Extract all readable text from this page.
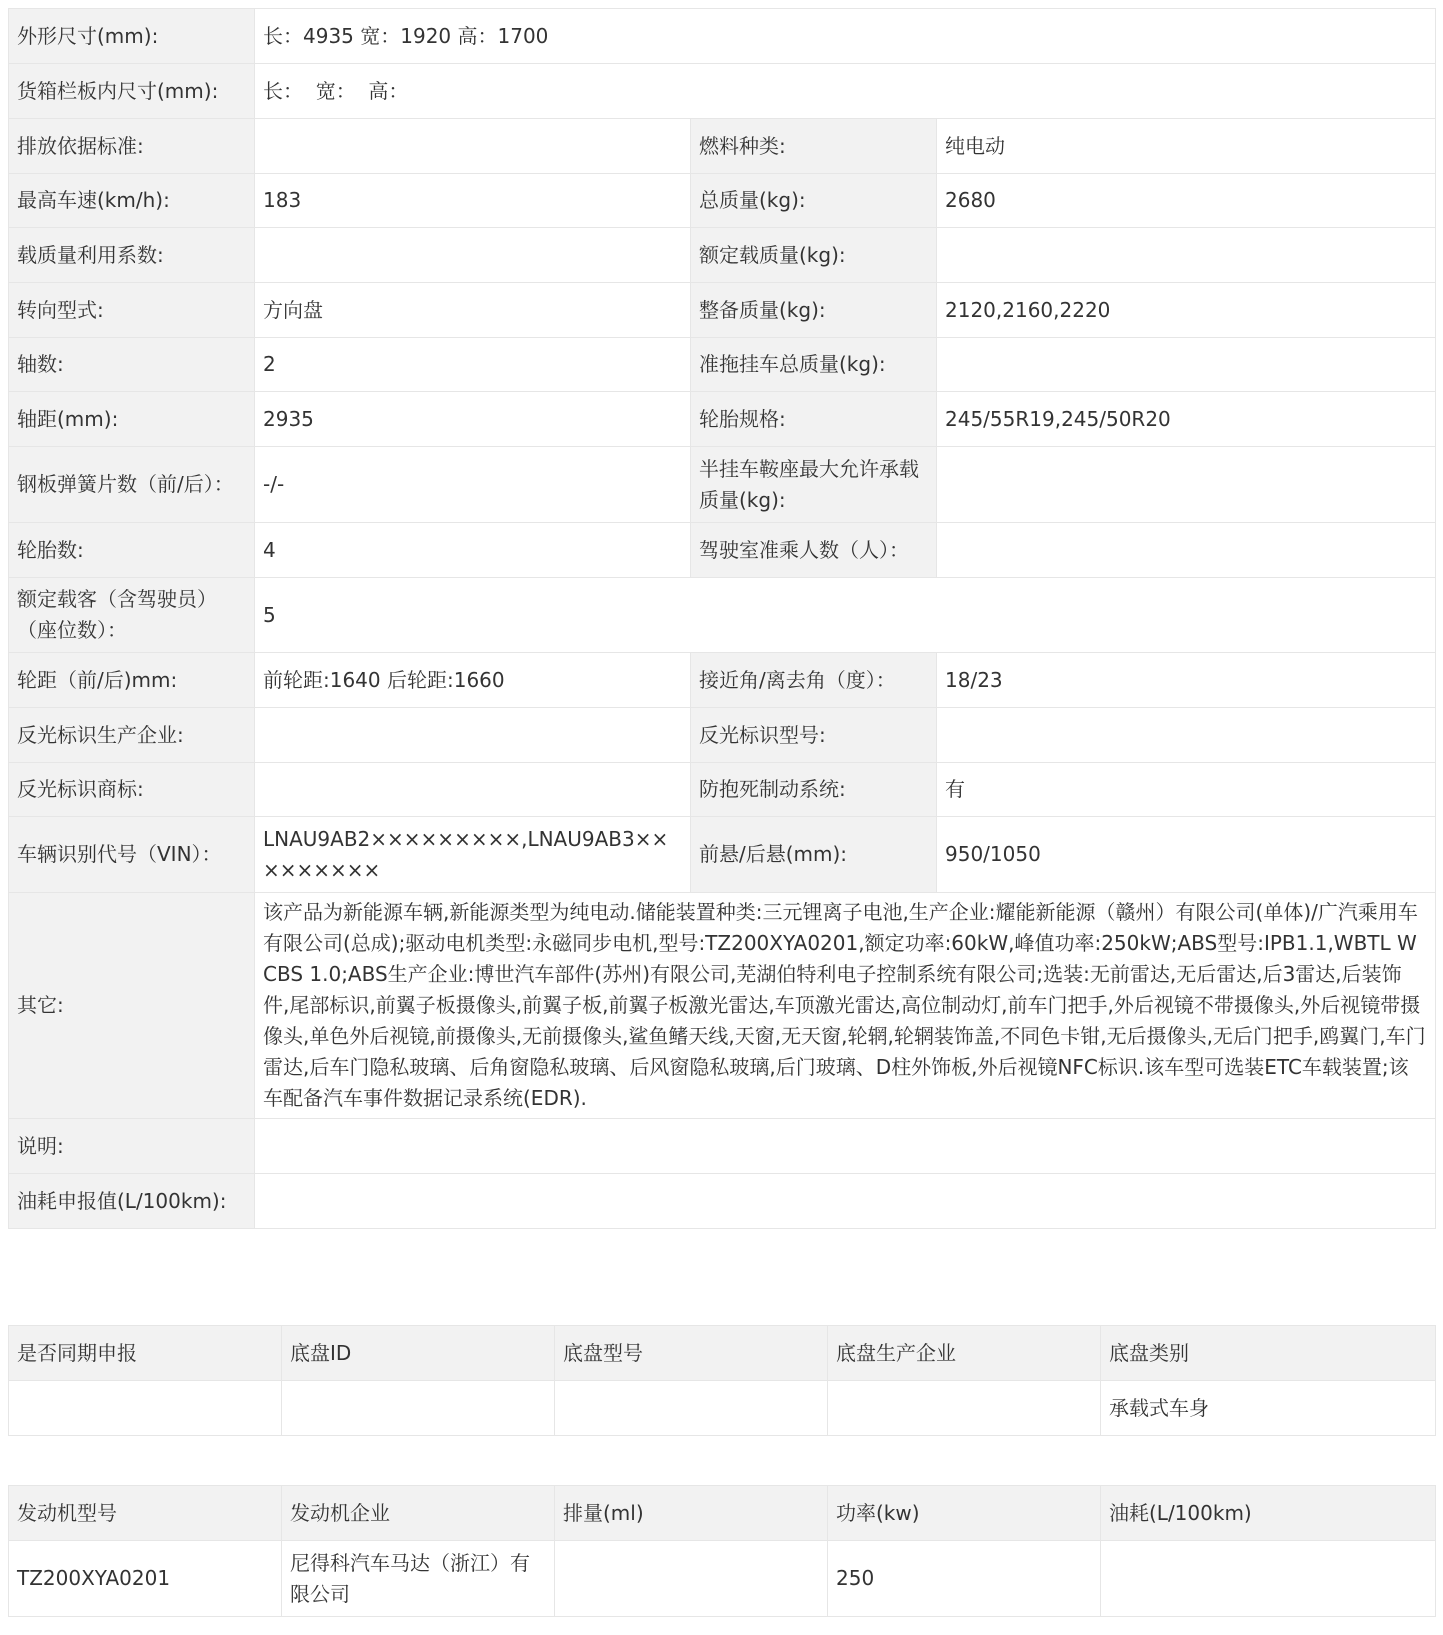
外形尺寸(mm):	长：4935 宽：1920 高：1700		
货箱栏板内尺寸(mm):	长：  宽：  高：		
排放依据标准:		燃料种类:	纯电动
最高车速(km/h):	183	总质量(kg):	2680
载质量利用系数:		额定载质量(kg):	
转向型式:	方向盘	整备质量(kg):	2120,2160,2220
轴数:	2	准拖挂车总质量(kg):	
轴距(mm):	2935	轮胎规格:	245/55R19,245/50R20
钢板弹簧片数（前/后）：	-/-	半挂车鞍座最大允许承载质量(kg):	
轮胎数:	4	驾驶室准乘人数（人）：	
额定载客（含驾驶员）（座位数）：	5		
轮距（前/后)mm:	前轮距:1640 后轮距:1660	接近角/离去角（度）：	18/23
反光标识生产企业:		反光标识型号:	
反光标识商标:		防抱死制动系统:	有
车辆识别代号（VIN）：	LNAU9AB2×××××××××,LNAU9AB3×××××××××	前悬/后悬(mm):	950/1050
其它:	该产品为新能源车辆,新能源类型为纯电动.储能装置种类:三元锂离子电池,生产企业:耀能新能源（赣州）有限公司(单体)/广汽乘用车有限公司(总成);驱动电机类型:永磁同步电机,型号:TZ200XYA0201,额定功率:60kW,峰值功率:250kW;ABS型号:IPB1.1,WBTL WCBS 1.0;ABS生产企业:博世汽车部件(苏州)有限公司,芜湖伯特利电子控制系统有限公司;选装:无前雷达,无后雷达,后3雷达,后装饰件,尾部标识,前翼子板摄像头,前翼子板,前翼子板激光雷达,车顶激光雷达,高位制动灯,前车门把手,外后视镜不带摄像头,外后视镜带摄像头,单色外后视镜,前摄像头,无前摄像头,鲨鱼鳍天线,天窗,无天窗,轮辋,轮辋装饰盖,不同色卡钳,无后摄像头,无后门把手,鸥翼门,车门雷达,后车门隐私玻璃、后角窗隐私玻璃、后风窗隐私玻璃,后门玻璃、D柱外饰板,外后视镜NFC标识.该车型可选装ETC车载装置;该车配备汽车事件数据记录系统(EDR).		
说明:			
油耗申报值(L/100km):			
是否同期申报	底盘ID	底盘型号	底盘生产企业	底盘类别
				承载式车身
发动机型号	发动机企业	排量(ml)	功率(kw)	油耗(L/100km)
TZ200XYA0201	尼得科汽车马达（浙江）有限公司		250	
